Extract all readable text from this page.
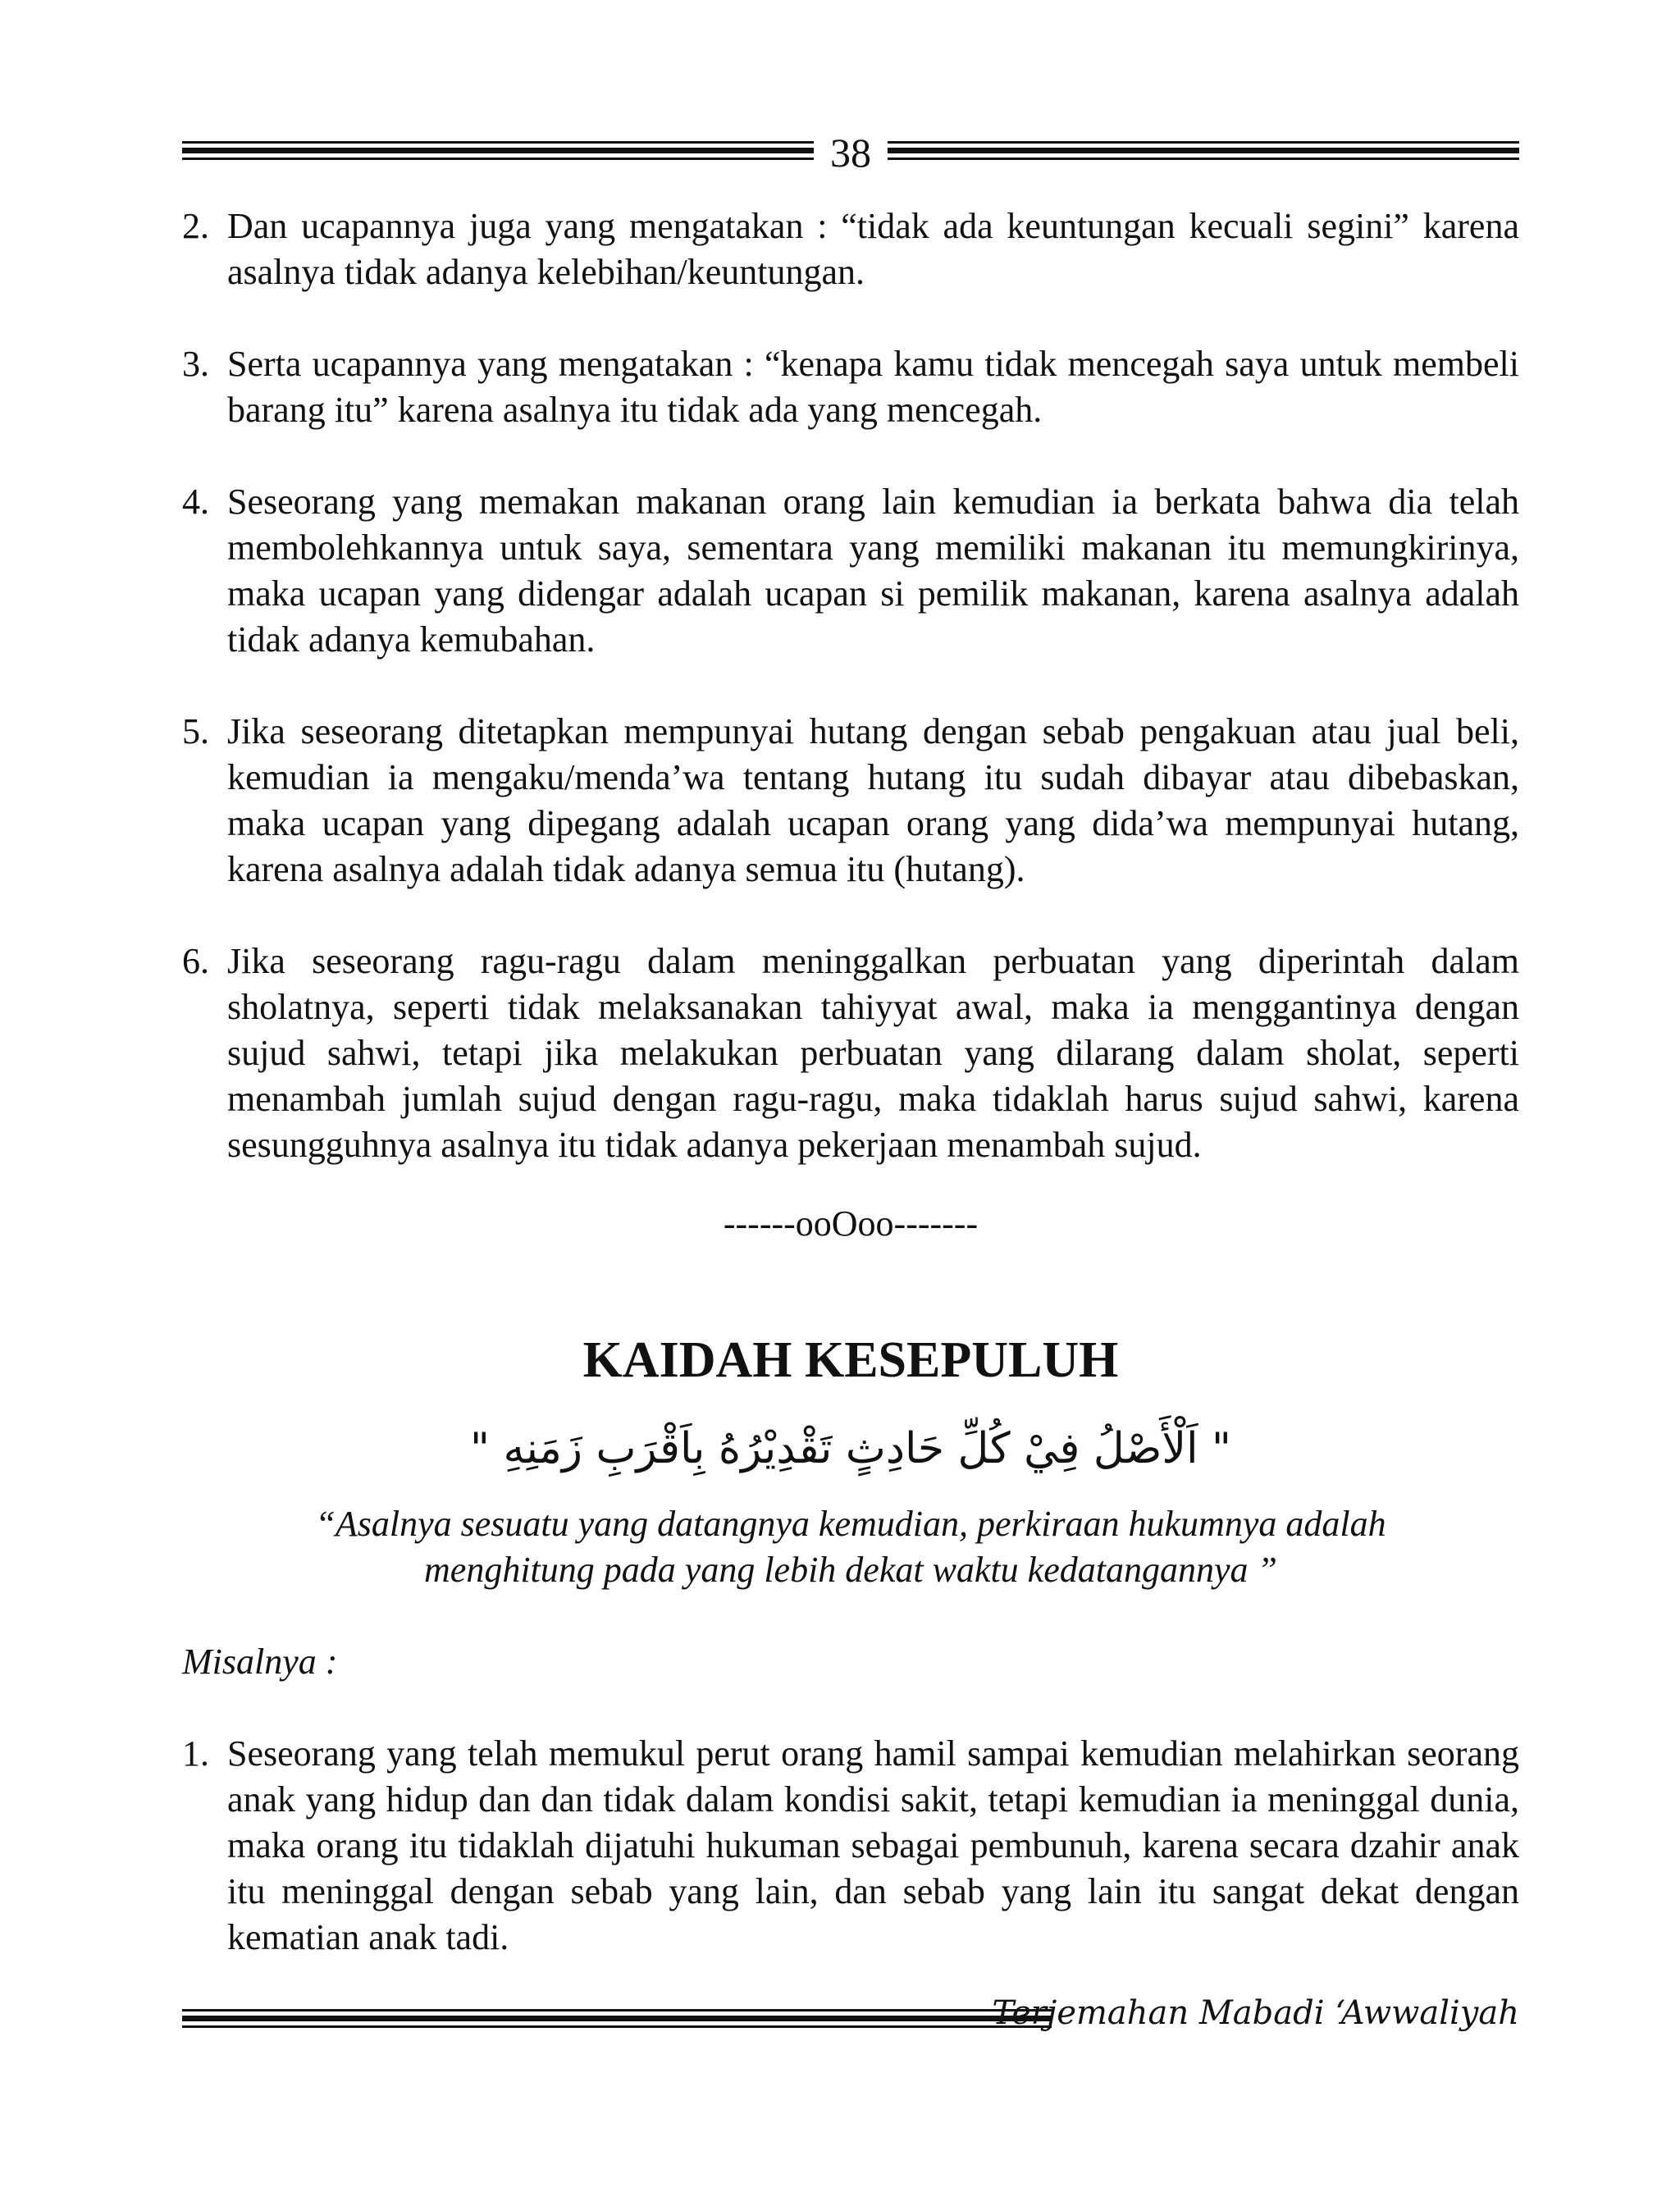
38
2. Dan ucapannya juga yang mengatakan : “tidak ada keuntungan kecuali segini” karena asalnya tidak adanya kelebihan/keuntungan.
3. Serta ucapannya yang mengatakan : “kenapa kamu tidak mencegah saya untuk membeli barang itu” karena asalnya itu tidak ada yang mencegah.
4. Seseorang yang memakan makanan orang lain kemudian ia berkata bahwa dia telah membolehkannya untuk saya, sementara yang memiliki makanan itu memungkirinya, maka ucapan yang didengar adalah ucapan si pemilik makanan, karena asalnya adalah tidak adanya kemubahan.
5. Jika seseorang ditetapkan mempunyai hutang dengan sebab pengakuan atau jual beli, kemudian ia mengaku/menda’wa tentang hutang itu sudah dibayar atau dibebaskan, maka ucapan yang dipegang adalah ucapan orang yang dida’wa mempunyai hutang, karena asalnya adalah tidak adanya semua itu (hutang).
6. Jika seseorang ragu-ragu dalam meninggalkan perbuatan yang diperintah dalam sholatnya, seperti tidak melaksanakan tahiyyat awal, maka ia menggantinya dengan sujud sahwi, tetapi jika melakukan perbuatan yang dilarang dalam sholat, seperti menambah jumlah sujud dengan ragu-ragu, maka tidaklah harus sujud sahwi, karena sesungguhnya asalnya itu tidak adanya pekerjaan menambah sujud.
------ooOoo-------
KAIDAH KESEPULUH
" اَلْأَصْلُ فِيْ كُلِّ حَادِثٍ تَقْدِيْرُهُ بِاَقْرَبِ زَمَنِهِ "
“Asalnya sesuatu yang datangnya kemudian, perkiraan hukumnya adalah
menghitung pada yang lebih dekat waktu kedatangannya ”
Misalnya :
1. Seseorang yang telah memukul perut orang hamil sampai kemudian melahirkan seorang anak yang hidup dan dan tidak dalam kondisi sakit, tetapi kemudian ia meninggal dunia, maka orang itu tidaklah dijatuhi hukuman sebagai pembunuh, karena secara dzahir anak itu meninggal dengan sebab yang lain, dan sebab yang lain itu sangat dekat dengan kematian anak tadi.
Terjemahan Mabadi ‘Awwaliyah
